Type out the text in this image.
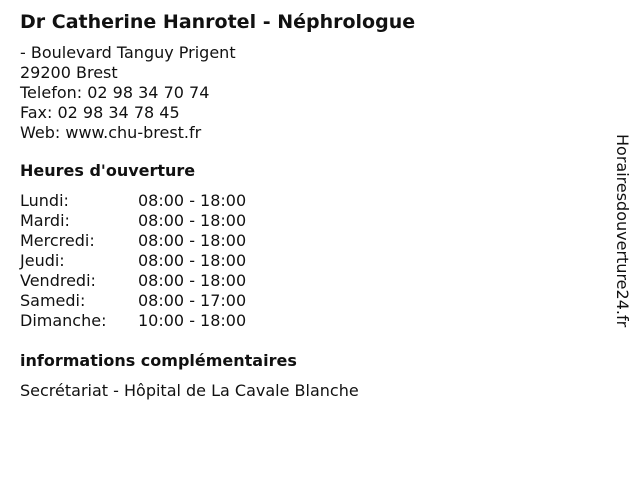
Dr Catherine Hanrotel - Néphrologue
- Boulevard Tanguy Prigent
29200 Brest
Telefon: 02 98 34 70 74
Fax: 02 98 34 78 45
Web: www.chu-brest.fr
Heures d'ouverture
Lundi:	08:00 - 18:00
Mardi:	08:00 - 18:00
Mercredi:	08:00 - 18:00
Jeudi:	08:00 - 18:00
Vendredi:	08:00 - 18:00
Samedi:	08:00 - 17:00
Dimanche:	10:00 - 18:00
informations complémentaires
Secrétariat - Hôpital de La Cavale Blanche
Horairesdouverture24.fr
